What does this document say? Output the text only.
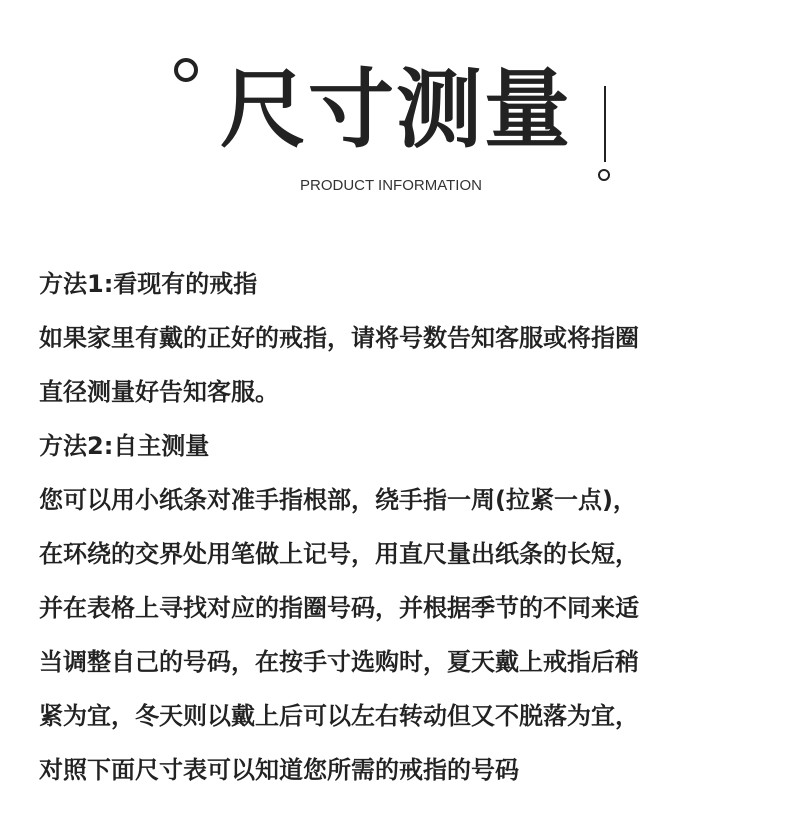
尺寸测量

PRODUCT INFORMATION

方法1:看现有的戒指

如果家里有戴的正好的戒指，请将号数告知客服或将指圈

直径测量好告知客服。

方法2:自主测量

您可以用小纸条对准手指根部，绕手指一周(拉紧一点)，

在环绕的交界处用笔做上记号，用直尺量出纸条的长短，

并在表格上寻找对应的指圈号码，并根据季节的不同来适

当调整自己的号码，在按手寸选购时，夏天戴上戒指后稍

紧为宜，冬天则以戴上后可以左右转动但又不脱落为宜，

对照下面尺寸表可以知道您所需的戒指的号码
